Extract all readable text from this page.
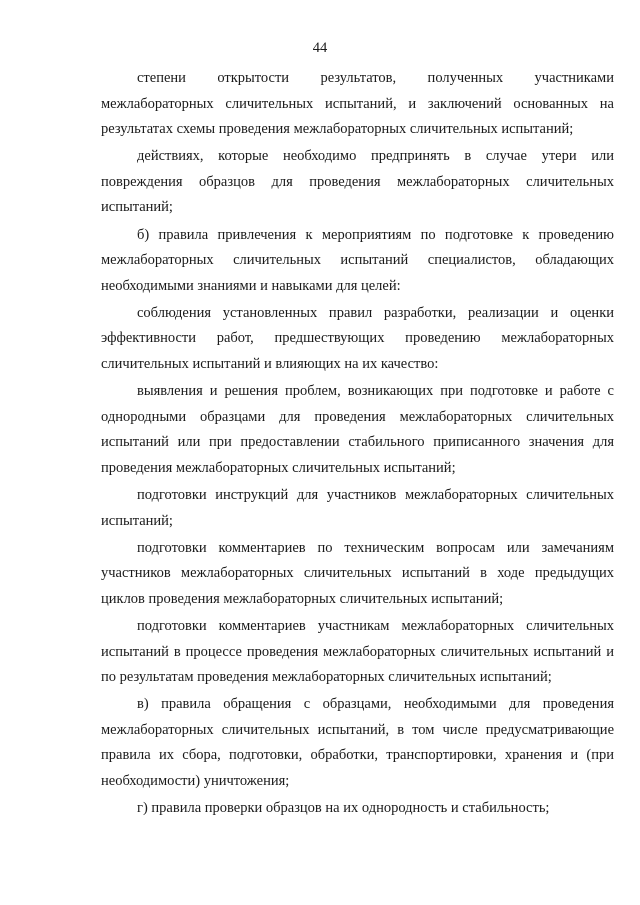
44

степени открытости результатов, полученных участниками межлабораторных сличительных испытаний, и заключений основанных на результатах схемы проведения межлабораторных сличительных испытаний;

действиях, которые необходимо предпринять в случае утери или повреждения образцов для проведения межлабораторных сличительных испытаний;

б) правила привлечения к мероприятиям по подготовке к проведению межлабораторных сличительных испытаний специалистов, обладающих необходимыми знаниями и навыками для целей:

соблюдения установленных правил разработки, реализации и оценки эффективности работ, предшествующих проведению межлабораторных сличительных испытаний и влияющих на их качество:

выявления и решения проблем, возникающих при подготовке и работе с однородными образцами для проведения межлабораторных сличительных испытаний или при предоставлении стабильного приписанного значения для проведения межлабораторных сличительных испытаний;

подготовки инструкций для участников межлабораторных сличительных испытаний;

подготовки комментариев по техническим вопросам или замечаниям участников межлабораторных сличительных испытаний в ходе предыдущих циклов проведения межлабораторных сличительных испытаний;

подготовки комментариев участникам межлабораторных сличительных испытаний в процессе проведения межлабораторных сличительных испытаний и по результатам проведения межлабораторных сличительных испытаний;

в) правила обращения с образцами, необходимыми для проведения межлабораторных сличительных испытаний, в том числе предусматривающие правила их сбора, подготовки, обработки, транспортировки, хранения и (при необходимости) уничтожения;

г) правила проверки образцов на их однородность и стабильность;
